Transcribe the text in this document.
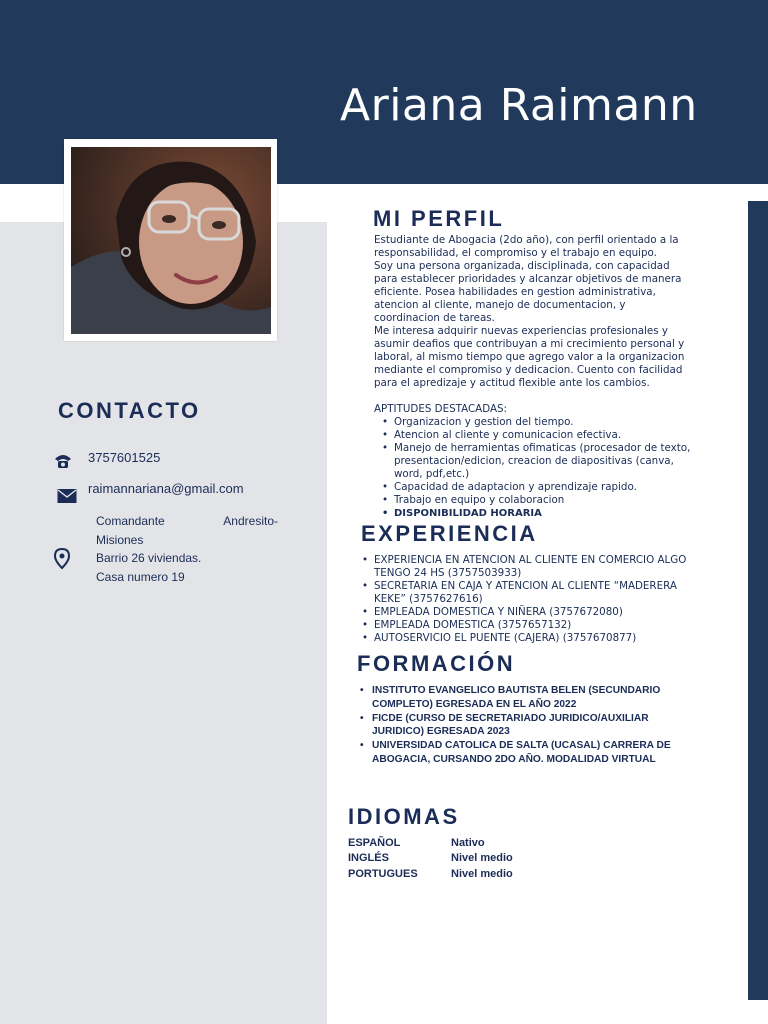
Ariana Raimann
CONTACTO
3757601525
raimannariana@gmail.com
Comandante	Andresito-
Misiones
Barrio 26 viviendas.
Casa numero 19
MI PERFIL

Estudiante de Abogacia (2do año), con perfil orientado a la responsabilidad, el compromiso y el trabajo en equipo.

Soy una persona organizada, disciplinada, con capacidad para establecer prioridades y alcanzar objetivos de manera eficiente. Posea habilidades en gestion administrativa, atencion al cliente, manejo de documentacion, y coordinacion de tareas.

Me interesa adquirir nuevas experiencias profesionales y asumir deafios que contribuyan a mi crecimiento personal y laboral, al mismo tiempo que agrego valor a la organizacion mediante el compromiso y dedicacion. Cuento con facilidad para el apredizaje y actitud flexible ante los cambios.

APTITUDES DESTACADAS:
• Organizacion y gestion del tiempo.
• Atencion al cliente y comunicacion efectiva.
• Manejo de herramientas ofimaticas (procesador de texto, presentacion/edicion, creacion de diapositivas (canva, word, pdf,etc.)
• Capacidad de adaptacion y aprendizaje rapido.
• Trabajo en equipo y colaboracion
• DISPONIBILIDAD HORARIA
EXPERIENCIA
• EXPERIENCIA EN ATENCION AL CLIENTE EN COMERCIO ALGO TENGO 24 HS (3757503933)
• SECRETARIA EN CAJA Y ATENCION AL CLIENTE “MADERERA KEKE” (3757627616)
• EMPLEADA DOMESTICA Y NIÑERA (3757672080)
• EMPLEADA DOMESTICA (3757657132)
• AUTOSERVICIO EL PUENTE (CAJERA) (3757670877)
FORMACIÓN
• INSTITUTO EVANGELICO BAUTISTA BELEN (SECUNDARIO COMPLETO) EGRESADA EN EL AÑO 2022
• FICDE (CURSO DE SECRETARIADO JURIDICO/AUXILIAR JURIDICO) EGRESADA 2023
• UNIVERSIDAD CATOLICA DE SALTA (UCASAL) CARRERA DE ABOGACIA, CURSANDO 2DO AÑO. MODALIDAD VIRTUAL
IDIOMAS
ESPAÑOL	Nativo
INGLÉS	Nivel medio
PORTUGUES	Nivel medio
